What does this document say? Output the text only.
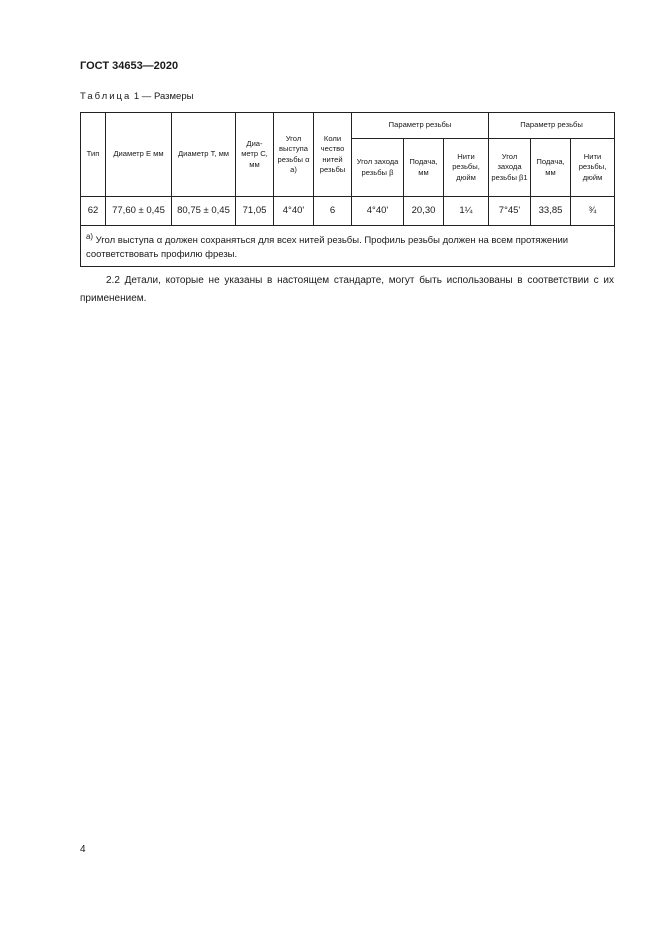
ГОСТ 34653—2020
Таблица 1 — Размеры
Тип	Диаметр E мм	Диаметр T, мм	Диа-метр C, мм	Угол выступа резьбы α а)	Коли чество нитей резьбы	Параметр резьбы			Параметр резьбы		
						Угол захода резьбы β	Подача, мм	Нити резьбы, дюйм	Угол захода резьбы β1	Подача, мм	Нити резьбы, дюйм
62	77,60 ± 0,45	80,75 ± 0,45	71,05	4°40'	6	4°40'	20,30	1¼	7°45'	33,85	¾
$^{а)}$ Угол выступа α должен сохраняться для всех нитей резьбы. Профиль резьбы должен на всем протяжении соответствовать профилю фрезы.											
2.2 Детали, которые не указаны в настоящем стандарте, могут быть использованы в соответствии с их применением.
4
